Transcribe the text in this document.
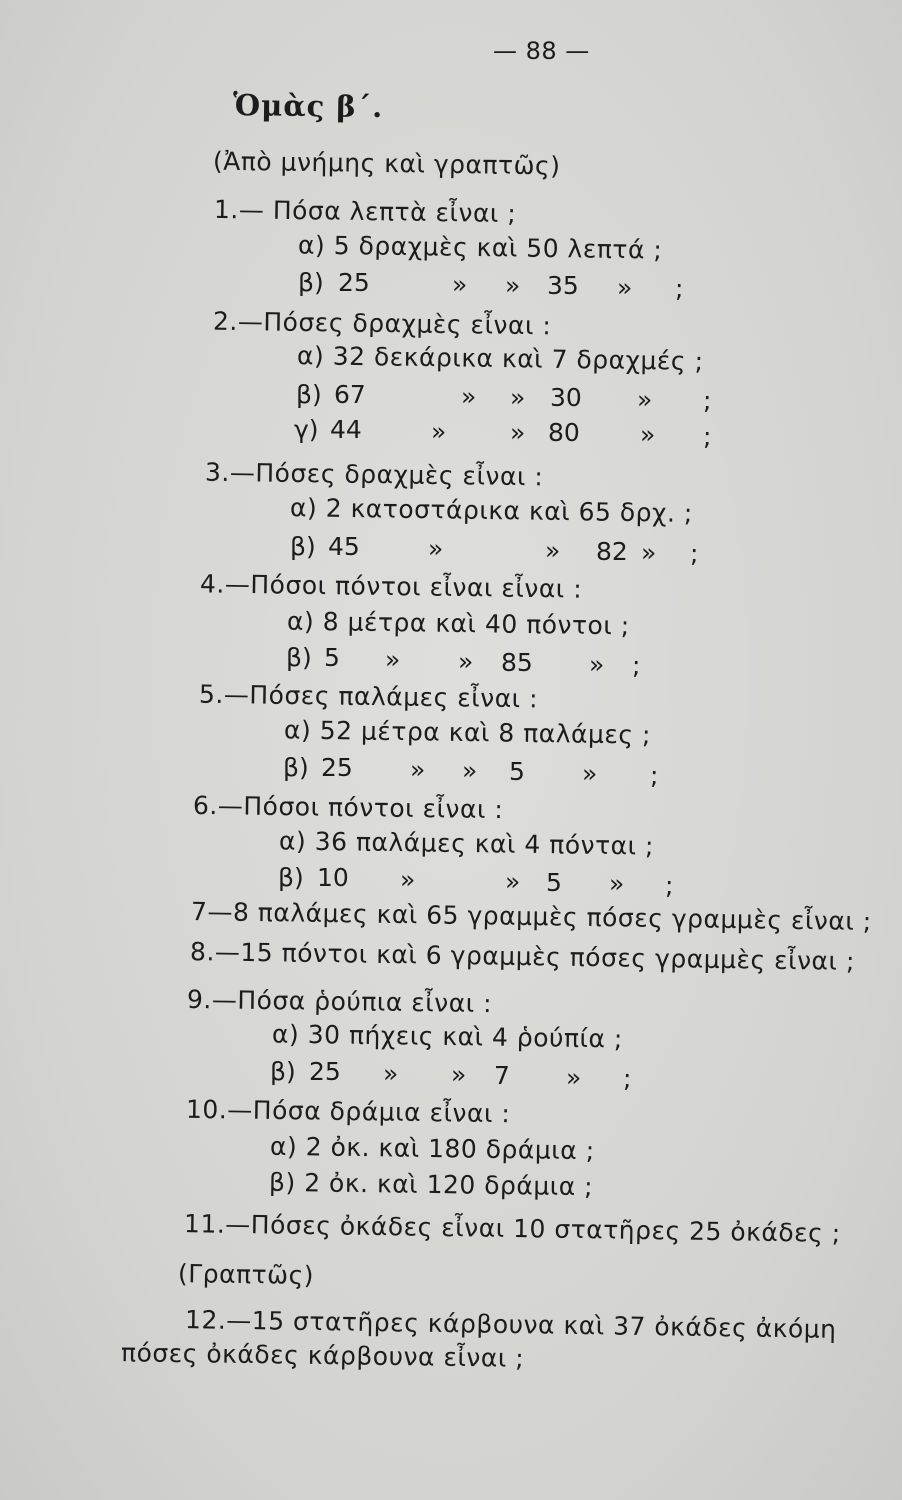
— 88 —
Ὁμὰς β΄.
(Ἀπὸ μνήμης καὶ γραπτῶς)
1.— Πόσα λεπτὰ εἶναι ;
α) 5 δραχμὲς καὶ 50 λεπτά ;
β) 25	» » 35 » ;
2.—Πόσες δραχμὲς εἶναι :
α) 32 δεκάρικα καὶ 7 δραχμές ;
β) 67	» » 30 » ;
γ) 44	»	» 80 » ;
3.—Πόσες δραχμὲς εἶναι :
α) 2 κατοστάρικα καὶ 65 δρχ. ;
β) 45	»	» 82 » ;
4.—Πόσοι πόντοι εἶναι εἶναι :
α) 8 μέτρα καὶ 40 πόντοι ;
β) 5 » » 85 » ;
5.—Πόσες παλάμες εἶναι :
α) 52 μέτρα καὶ 8 παλάμες ;
β) 25 » » 5 » ;
6.—Πόσοι πόντοι εἶναι :
α) 36 παλάμες καὶ 4 πόνται ;
β) 10 »	» 5 » ;
7—8 παλάμες καὶ 65 γραμμὲς πόσες γραμμὲς εἶναι ;
8.—15 πόντοι καὶ 6 γραμμὲς πόσες γραμμὲς εἶναι ;
9.—Πόσα ῥούπια εἶναι :
α) 30 πήχεις καὶ 4 ῥούπία ;
β) 25 » » 7 » ;
10.—Πόσα δράμια εἶναι :
α) 2 ὀκ. καὶ 180 δράμια ;
β) 2 ὀκ. καὶ 120 δράμια ;
11.—Πόσες ὀκάδες εἶναι 10 στατῆρες 25 ὀκάδες ;
(Γραπτῶς)
12.—15 στατῆρες κάρβουνα καὶ 37 ὀκάδες ἀκόμη
πόσες ὀκάδες κάρβουνα εἶναι ;
